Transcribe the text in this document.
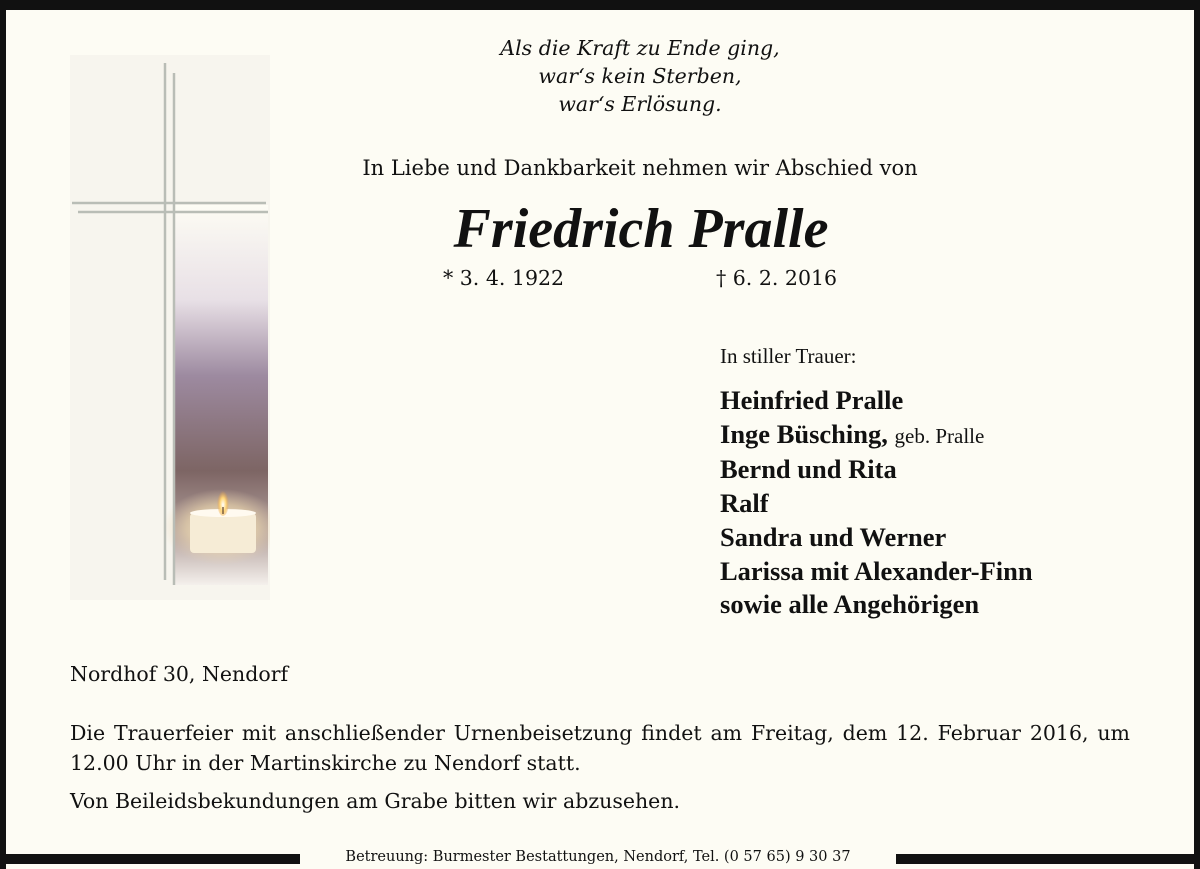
Als die Kraft zu Ende ging,
war‘s kein Sterben,
war‘s Erlösung.
In Liebe und Dankbarkeit nehmen wir Abschied von
Friedrich Pralle
* 3. 4. 1922	† 6. 2. 2016
In stiller Trauer:
Heinfried Pralle
Inge Büsching, geb. Pralle
Bernd und Rita
Ralf
Sandra und Werner
Larissa mit Alexander-Finn
sowie alle Angehörigen
Nordhof 30, Nendorf
Die Trauerfeier mit anschließender Urnenbeisetzung findet am Freitag, dem 12. Februar 2016, um 12.00 Uhr in der Martinskirche zu Nendorf statt.
Von Beileidsbekundungen am Grabe bitten wir abzusehen.
Betreuung: Burmester Bestattungen, Nendorf, Tel. (0 57 65) 9 30 37
